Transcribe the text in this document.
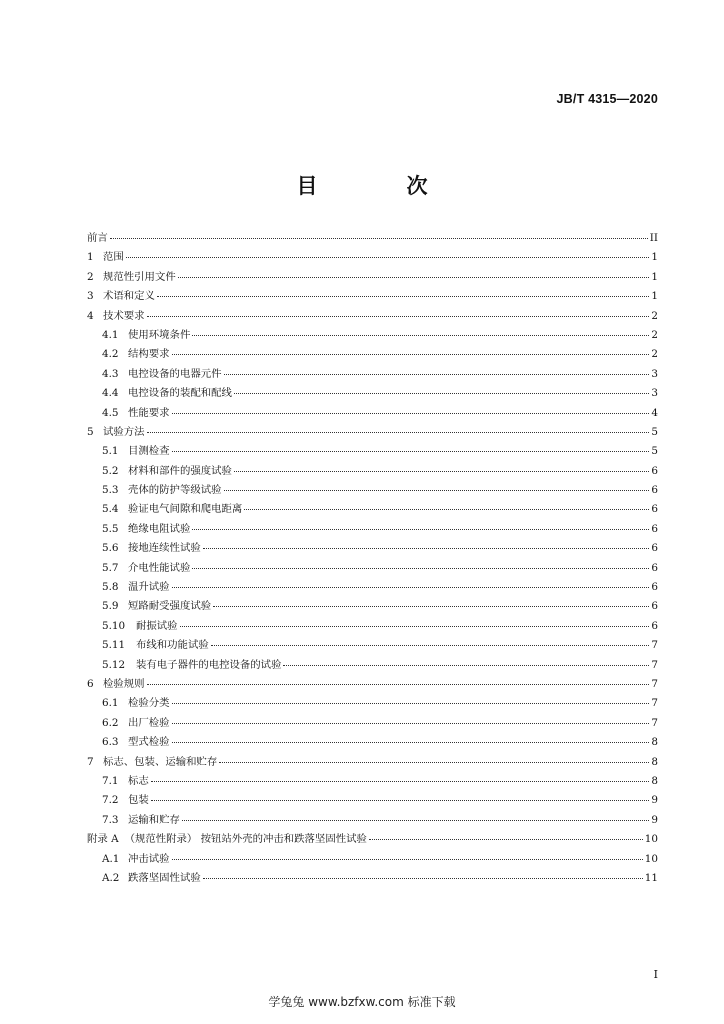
JB/T 4315—2020
目　次
前言	II
1 范围	1
2 规范性引用文件	1
3 术语和定义	1
4 技术要求	2
4.1 使用环境条件	2
4.2 结构要求	2
4.3 电控设备的电器元件	3
4.4 电控设备的装配和配线	3
4.5 性能要求	4
5 试验方法	5
5.1 目测检查	5
5.2 材料和部件的强度试验	6
5.3 壳体的防护等级试验	6
5.4 验证电气间隙和爬电距离	6
5.5 绝缘电阻试验	6
5.6 接地连续性试验	6
5.7 介电性能试验	6
5.8 温升试验	6
5.9 短路耐受强度试验	6
5.10	耐振试验	6
5.11	布线和功能试验	7
5.12	装有电子器件的电控设备的试验	7
6 检验规则	7
6.1 检验分类	7
6.2 出厂检验	7
6.3 型式检验	8
7 标志、包装、运输和贮存	8
7.1 标志	8
7.2 包装	9
7.3 运输和贮存	9
附录 A （规范性附录） 按钮站外壳的冲击和跌落坚固性试验	10
A.1 冲击试验	10
A.2 跌落坚固性试验	11
I
学兔兔 www.bzfxw.com 标准下载
